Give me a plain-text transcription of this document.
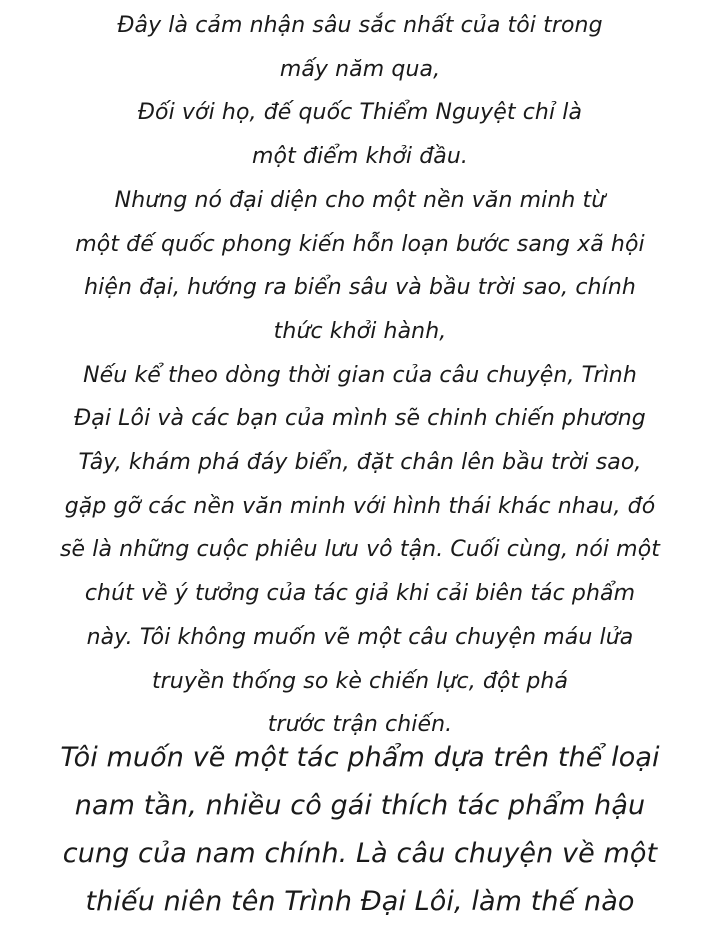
Đây là cảm nhận sâu sắc nhất của tôi trong
mấy năm qua,
Đối với họ, đế quốc Thiểm Nguyệt chỉ là
một điểm khởi đầu.
Nhưng nó đại diện cho một nền văn minh từ
một đế quốc phong kiến hỗn loạn bước sang xã hội
hiện đại, hướng ra biển sâu và bầu trời sao, chính
thức khởi hành,
Nếu kể theo dòng thời gian của câu chuyện, Trình
Đại Lôi và các bạn của mình sẽ chinh chiến phương
Tây, khám phá đáy biển, đặt chân lên bầu trời sao,
gặp gỡ các nền văn minh với hình thái khác nhau, đó
sẽ là những cuộc phiêu lưu vô tận. Cuối cùng, nói một
chút về ý tưởng của tác giả khi cải biên tác phẩm
này. Tôi không muốn vẽ một câu chuyện máu lửa
truyền thống so kè chiến lực, đột phá
trước trận chiến.
Tôi muốn vẽ một tác phẩm dựa trên thể loại
nam tần, nhiều cô gái thích tác phẩm hậu
cung của nam chính. Là câu chuyện về một
thiếu niên tên Trình Đại Lôi, làm thế nào
